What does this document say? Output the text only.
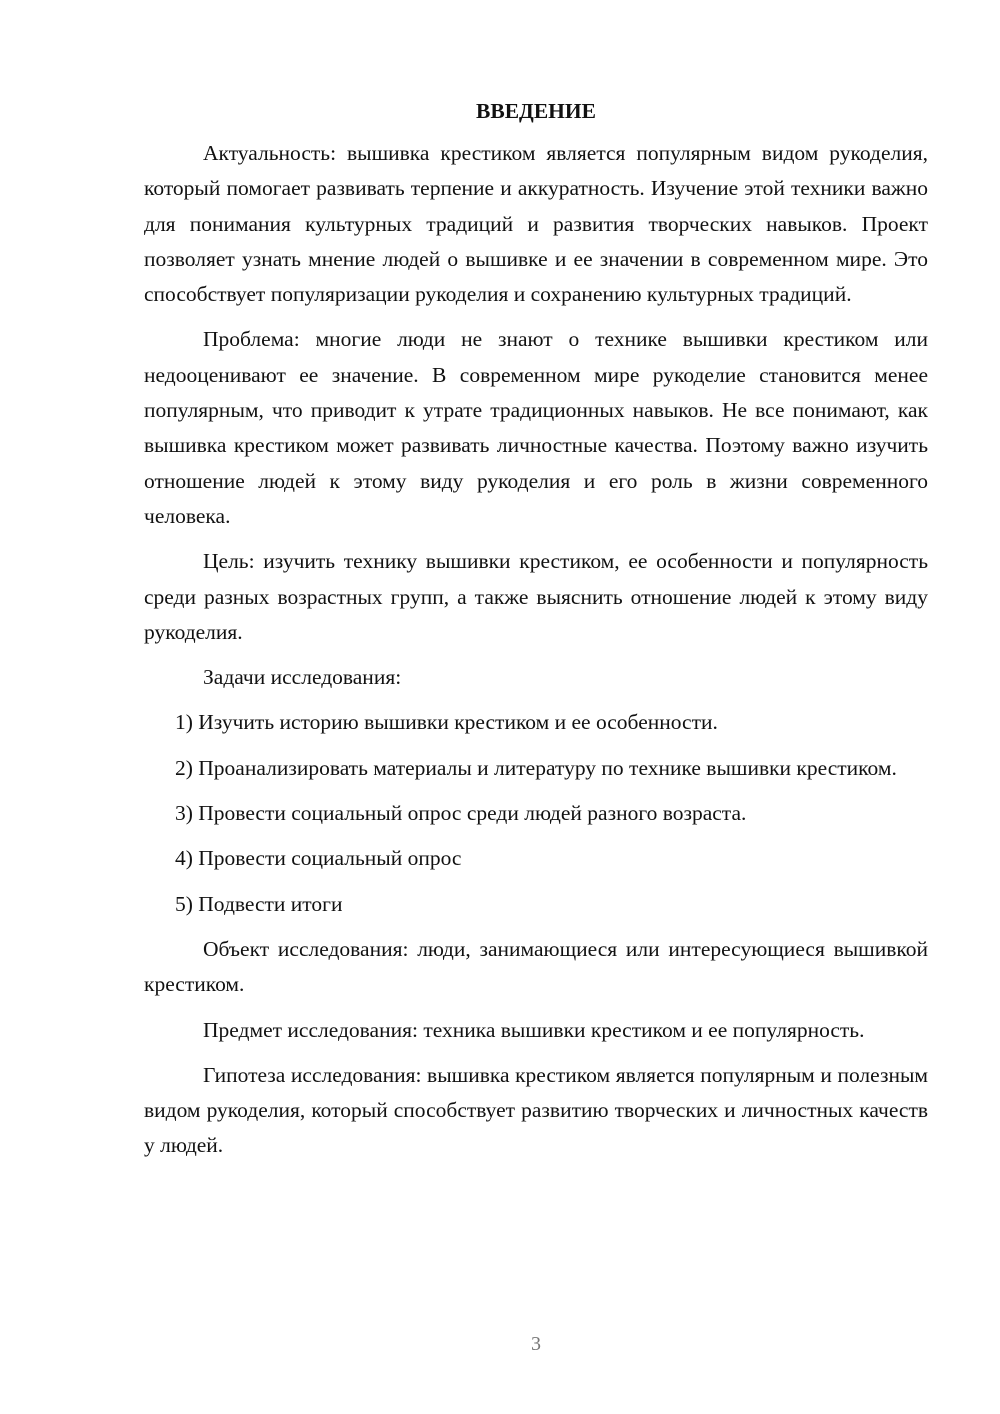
ВВЕДЕНИЕ

Актуальность: вышивка крестиком является популярным видом рукоделия, который помогает развивать терпение и аккуратность. Изучение этой техники важно для понимания культурных традиций и развития творческих навыков. Проект позволяет узнать мнение людей о вышивке и ее значении в современном мире. Это способствует популяризации рукоделия и сохранению культурных традиций.

Проблема: многие люди не знают о технике вышивки крестиком или недооценивают ее значение. В современном мире рукоделие становится менее популярным, что приводит к утрате традиционных навыков. Не все понимают, как вышивка крестиком может развивать личностные качества. Поэтому важно изучить отношение людей к этому виду рукоделия и его роль в жизни современного человека.

Цель: изучить технику вышивки крестиком, ее особенности и популярность среди разных возрастных групп, а также выяснить отношение людей к этому виду рукоделия.

Задачи исследования:

1) Изучить историю вышивки крестиком и ее особенности.

2) Проанализировать материалы и литературу по технике вышивки крестиком.

3) Провести социальный опрос среди людей разного возраста.

4) Провести социальный опрос

5) Подвести итоги

Объект исследования: люди, занимающиеся или интересующиеся вышивкой крестиком.

Предмет исследования: техника вышивки крестиком и ее популярность.

Гипотеза исследования: вышивка крестиком является популярным и полезным видом рукоделия, который способствует развитию творческих и личностных качеств у людей.

3
